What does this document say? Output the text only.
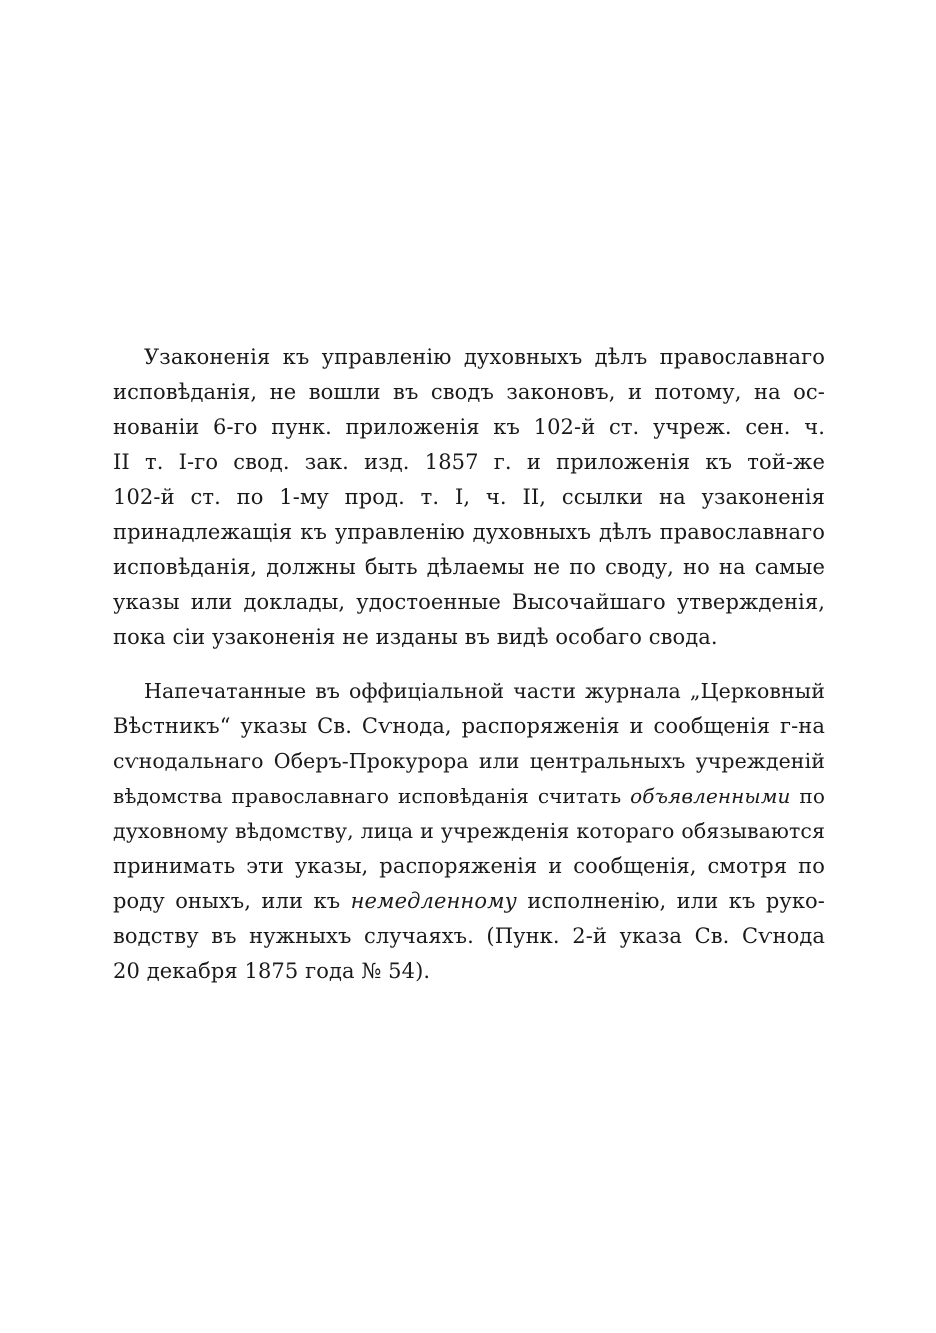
Узаконенія къ управленію духовныхъ дѣлъ православнаго
исповѣданія, не вошли въ сводъ законовъ, и потому, на ос-
нованіи 6-го пунк. приложенія къ 102-й ст. учреж. сен. ч.
II т. I-го свод. зак. изд. 1857 г. и приложенія къ той-же
102-й ст. по 1-му прод. т. I, ч. II, ссылки на узаконенія
принадлежащія къ управленію духовныхъ дѣлъ православнаго
исповѣданія, должны быть дѣлаемы не по своду, но на самые
указы или доклады, удостоенные Высочайшаго утвержденія,
пока сіи узаконенія не изданы въ видѣ особаго свода.

Напечатанные въ оффиціальной части журнала „Церковный
Вѣстникъ“ указы Св. Сѵнода, распоряженія и сообщенія г-на
сѵнодальнаго Оберъ-Прокурора или центральныхъ учрежденій
вѣдомства православнаго исповѣданія считать объявленными по
духовному вѣдомству, лица и учрежденія котораго обязываются
принимать эти указы, распоряженія и сообщенія, смотря по
роду оныхъ, или къ немедленному исполненію, или къ руко-
водству въ нужныхъ случаяхъ. (Пунк. 2-й указа Св. Сѵнода
20 декабря 1875 года № 54).
